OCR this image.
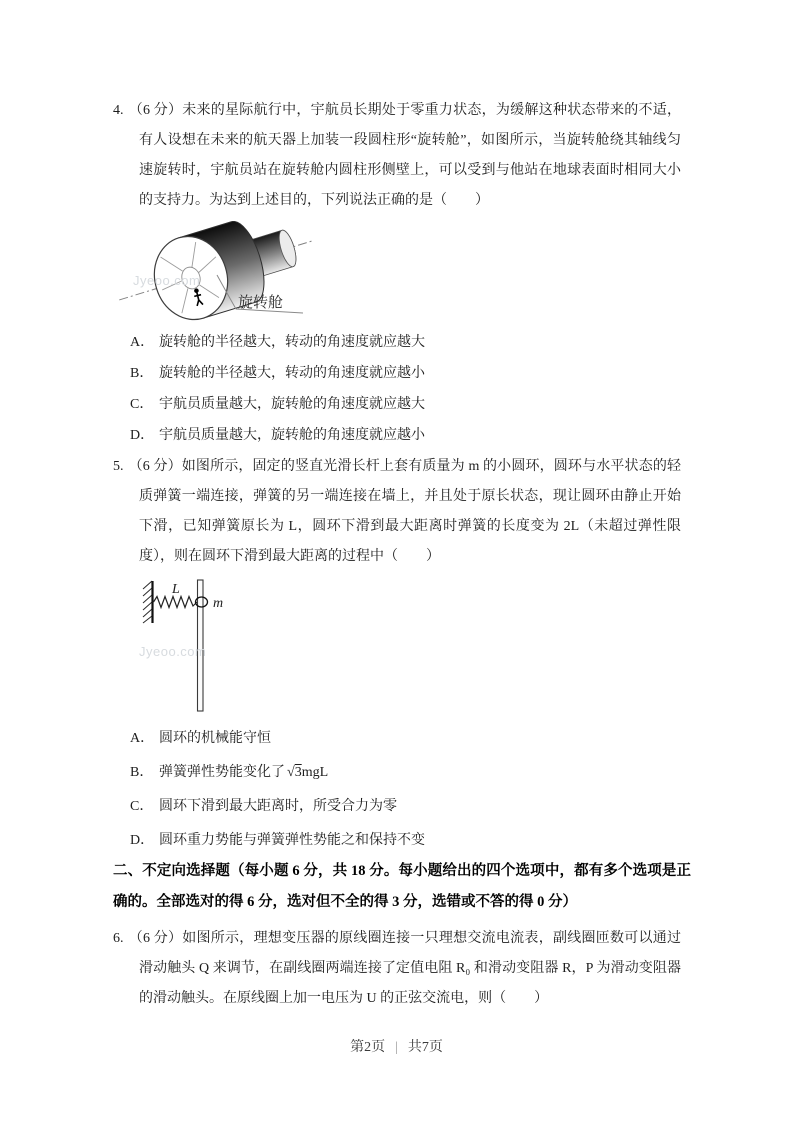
4. （6 分）未来的星际航行中，宇航员长期处于零重力状态，为缓解这种状态带来的不适，有人设想在未来的航天器上加装一段圆柱形“旋转舱”，如图所示，当旋转舱绕其轴线匀速旋转时，宇航员站在旋转舱内圆柱形侧壁上，可以受到与他站在地球表面时相同大小的支持力。为达到上述目的，下列说法正确的是（　　）
旋转舱
Jyeoo.com
A． 旋转舱的半径越大，转动的角速度就应越大
B． 旋转舱的半径越大，转动的角速度就应越小
C． 宇航员质量越大，旋转舱的角速度就应越大
D． 宇航员质量越大，旋转舱的角速度就应越小
5. （6 分）如图所示，固定的竖直光滑长杆上套有质量为 m 的小圆环，圆环与水平状态的轻质弹簧一端连接，弹簧的另一端连接在墙上，并且处于原长状态，现让圆环由静止开始下滑，已知弹簧原长为 L，圆环下滑到最大距离时弹簧的长度变为 2L（未超过弹性限度），则在圆环下滑到最大距离的过程中（　　）
L
m
Jyeoo.com
A． 圆环的机械能守恒
B． 弹簧弹性势能变化了 √3mgL
C． 圆环下滑到最大距离时，所受合力为零
D． 圆环重力势能与弹簧弹性势能之和保持不变
二、不定向选择题（每小题 6 分，共 18 分。每小题给出的四个选项中，都有多个选项是正确的。全部选对的得 6 分，选对但不全的得 3 分，选错或不答的得 0 分）
6. （6 分）如图所示，理想变压器的原线圈连接一只理想交流电流表，副线圈匝数可以通过滑动触头 Q 来调节，在副线圈两端连接了定值电阻 R₀ 和滑动变阻器 R，P 为滑动变阻器的滑动触头。在原线圈上加一电压为 U 的正弦交流电，则（　　）
第2页 | 共7页
